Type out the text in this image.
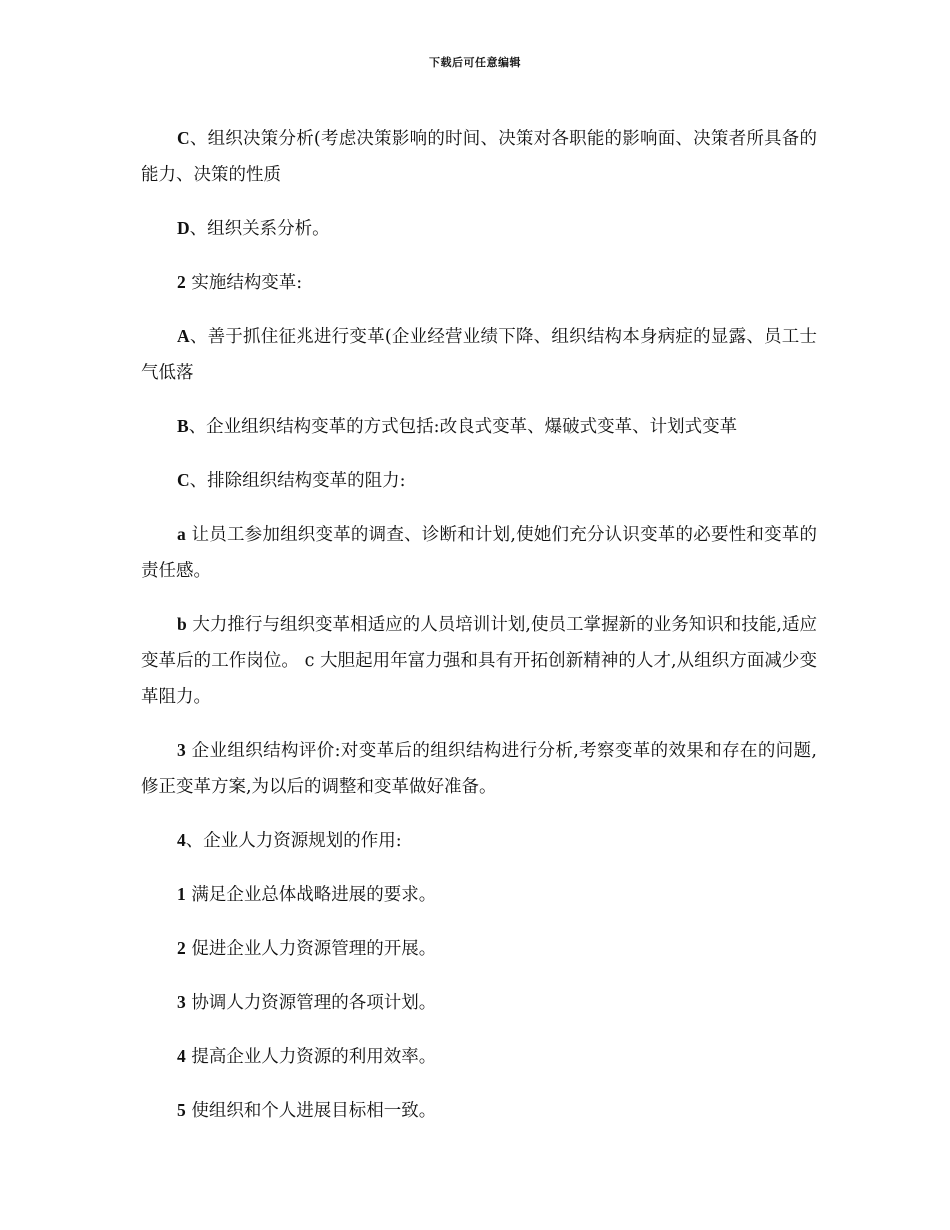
下载后可任意编辑

C、组织决策分析(考虑决策影响的时间、决策对各职能的影响面、决策者所具备的能力、决策的性质

D、组织关系分析。

2 实施结构变革:

A、善于抓住征兆进行变革(企业经营业绩下降、组织结构本身病症的显露、员工士气低落

B、企业组织结构变革的方式包括:改良式变革、爆破式变革、计划式变革

C、排除组织结构变革的阻力:

a 让员工参加组织变革的调查、诊断和计划,使她们充分认识变革的必要性和变革的责任感。

b 大力推行与组织变革相适应的人员培训计划,使员工掌握新的业务知识和技能,适应变革后的工作岗位。 c 大胆起用年富力强和具有开拓创新精神的人才,从组织方面减少变革阻力。

3 企业组织结构评价:对变革后的组织结构进行分析,考察变革的效果和存在的问题,修正变革方案,为以后的调整和变革做好准备。

4、企业人力资源规划的作用:

1 满足企业总体战略进展的要求。

2 促进企业人力资源管理的开展。

3 协调人力资源管理的各项计划。

4 提高企业人力资源的利用效率。

5 使组织和个人进展目标相一致。
